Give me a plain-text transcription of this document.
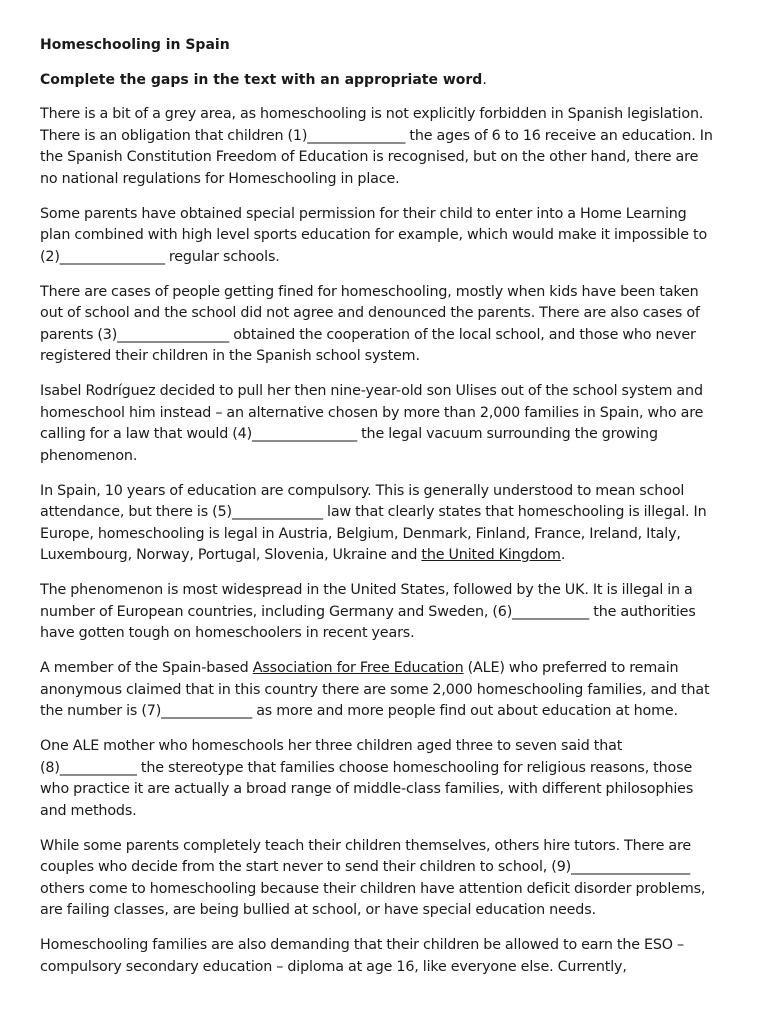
Homeschooling in Spain
Complete the gaps in the text with an appropriate word.

There is a bit of a grey area, as homeschooling is not explicitly forbidden in Spanish legislation.
There is an obligation that children (1)______________ the ages of 6 to 16 receive an education. In
the Spanish Constitution Freedom of Education is recognised, but on the other hand, there are
no national regulations for Homeschooling in place.

Some parents have obtained special permission for their child to enter into a Home Learning
plan combined with high level sports education for example, which would make it impossible to
(2)_______________ regular schools.

There are cases of people getting fined for homeschooling, mostly when kids have been taken
out of school and the school did not agree and denounced the parents. There are also cases of
parents (3)________________ obtained the cooperation of the local school, and those who never
registered their children in the Spanish school system.

Isabel Rodríguez decided to pull her then nine-year-old son Ulises out of the school system and
homeschool him instead – an alternative chosen by more than 2,000 families in Spain, who are
calling for a law that would (4)_______________ the legal vacuum surrounding the growing
phenomenon.

In Spain, 10 years of education are compulsory. This is generally understood to mean school
attendance, but there is (5)_____________ law that clearly states that homeschooling is illegal. In
Europe, homeschooling is legal in Austria, Belgium, Denmark, Finland, France, Ireland, Italy,
Luxembourg, Norway, Portugal, Slovenia, Ukraine and the United Kingdom.

The phenomenon is most widespread in the United States, followed by the UK. It is illegal in a
number of European countries, including Germany and Sweden, (6)___________ the authorities
have gotten tough on homeschoolers in recent years.

A member of the Spain-based Association for Free Education (ALE) who preferred to remain
anonymous claimed that in this country there are some 2,000 homeschooling families, and that
the number is (7)_____________ as more and more people find out about education at home.

One ALE mother who homeschools her three children aged three to seven said that
(8)___________ the stereotype that families choose homeschooling for religious reasons, those
who practice it are actually a broad range of middle-class families, with different philosophies
and methods.

While some parents completely teach their children themselves, others hire tutors. There are
couples who decide from the start never to send their children to school, (9)_________________
others come to homeschooling because their children have attention deficit disorder problems,
are failing classes, are being bullied at school, or have special education needs.

Homeschooling families are also demanding that their children be allowed to earn the ESO –
compulsory secondary education – diploma at age 16, like everyone else. Currently,
